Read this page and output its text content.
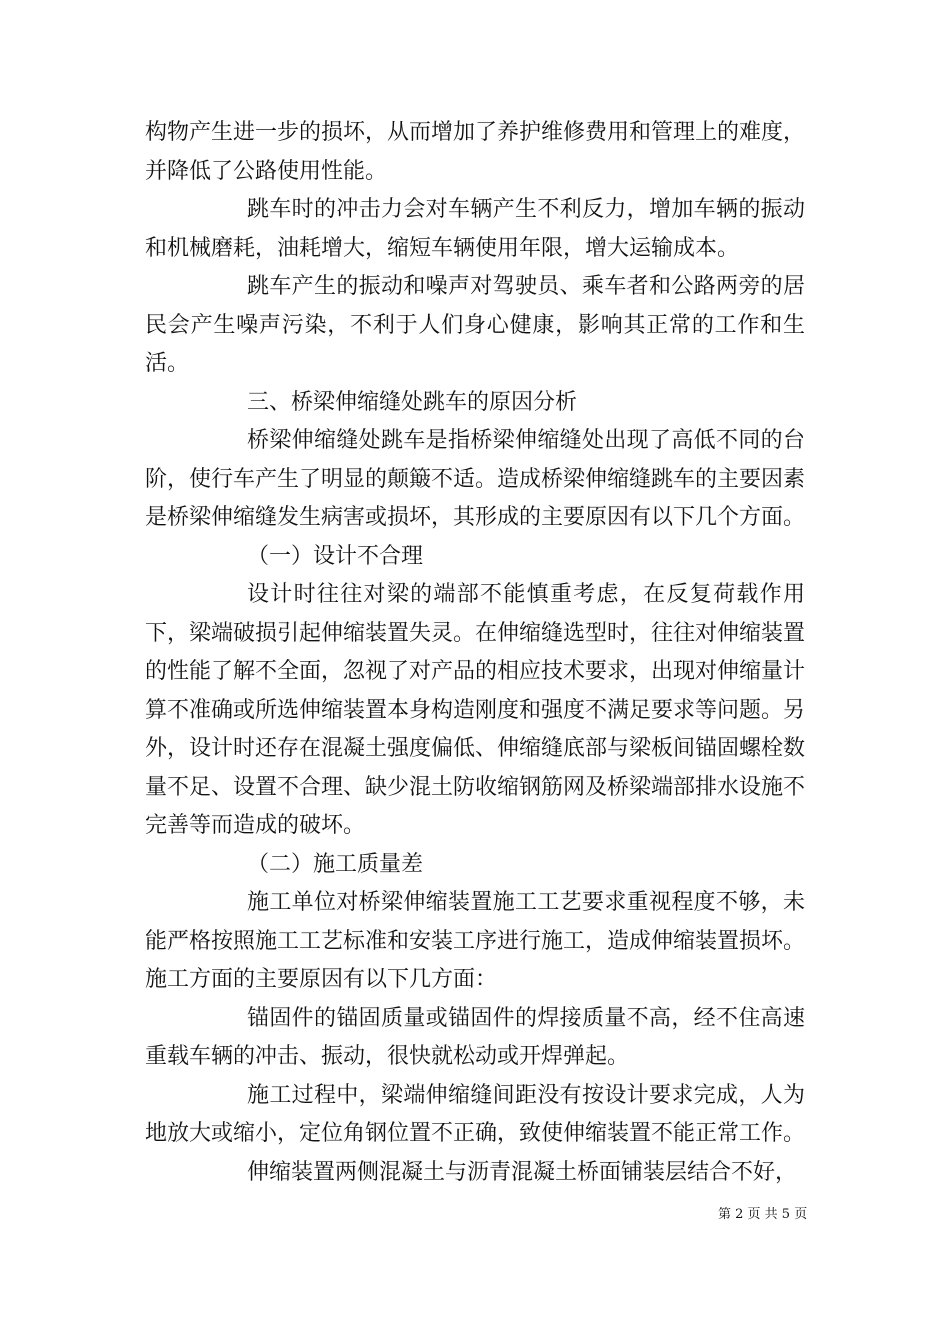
构物产生进一步的损坏，从而增加了养护维修费用和管理上的难度，并降低了公路使用性能。

跳车时的冲击力会对车辆产生不利反力，增加车辆的振动和机械磨耗，油耗增大，缩短车辆使用年限，增大运输成本。

跳车产生的振动和噪声对驾驶员、乘车者和公路两旁的居民会产生噪声污染，不利于人们身心健康，影响其正常的工作和生活。

三、桥梁伸缩缝处跳车的原因分析

桥梁伸缩缝处跳车是指桥梁伸缩缝处出现了高低不同的台阶，使行车产生了明显的颠簸不适。造成桥梁伸缩缝跳车的主要因素是桥梁伸缩缝发生病害或损坏，其形成的主要原因有以下几个方面。

（一）设计不合理

设计时往往对梁的端部不能慎重考虑，在反复荷载作用下，梁端破损引起伸缩装置失灵。在伸缩缝选型时，往往对伸缩装置的性能了解不全面，忽视了对产品的相应技术要求，出现对伸缩量计算不准确或所选伸缩装置本身构造刚度和强度不满足要求等问题。另外，设计时还存在混凝土强度偏低、伸缩缝底部与梁板间锚固螺栓数量不足、设置不合理、缺少混土防收缩钢筋网及桥梁端部排水设施不完善等而造成的破坏。

（二）施工质量差

施工单位对桥梁伸缩装置施工工艺要求重视程度不够，未能严格按照施工工艺标准和安装工序进行施工，造成伸缩装置损坏。施工方面的主要原因有以下几方面：

锚固件的锚固质量或锚固件的焊接质量不高，经不住高速重载车辆的冲击、振动，很快就松动或开焊弹起。

施工过程中，梁端伸缩缝间距没有按设计要求完成，人为地放大或缩小，定位角钢位置不正确，致使伸缩装置不能正常工作。

伸缩装置两侧混凝土与沥青混凝土桥面铺装层结合不好，

第 2 页 共 5 页
